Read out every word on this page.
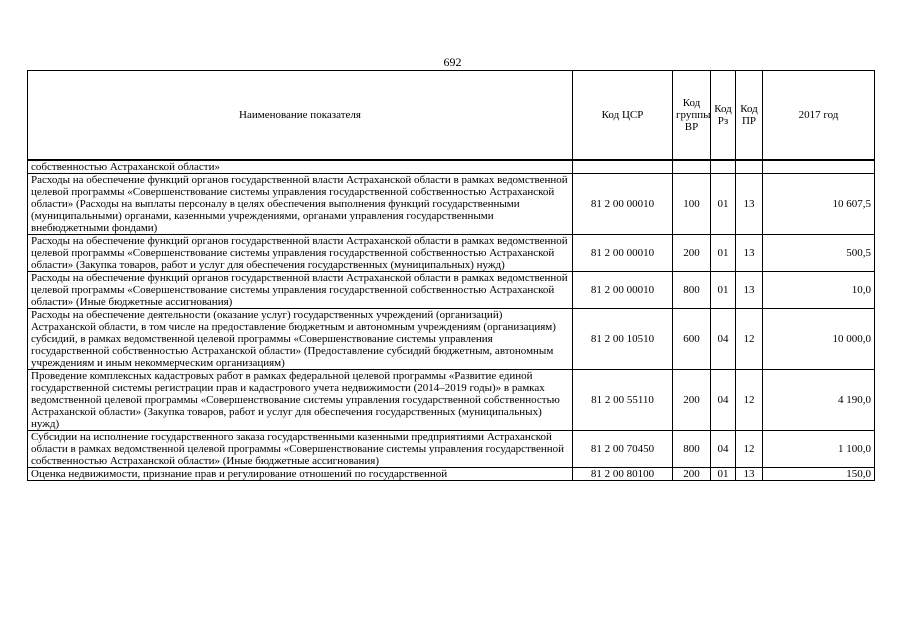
692
Наименование показателя	Код ЦСР	Код группы ВР	Код Рз	Код ПР	2017 год
собственностью Астраханской области»					
Расходы на обеспечение функций органов государственной власти Астраханской области в рамках ведомственной целевой программы «Совершенствование системы управления государственной собственностью Астраханской области» (Расходы на выплаты персоналу в целях обеспечения выполнения функций государственными (муниципальными) органами, казенными учреждениями, органами управления государственными внебюджетными фондами)	81 2 00 00010	100	01	13	10 607,5
Расходы на обеспечение функций органов государственной власти Астраханской области в рамках ведомственной целевой программы «Совершенствование системы управления государственной собственностью Астраханской области» (Закупка товаров, работ и услуг для обеспечения государственных (муниципальных) нужд)	81 2 00 00010	200	01	13	500,5
Расходы на обеспечение функций органов государственной власти Астраханской области в рамках ведомственной целевой программы «Совершенствование системы управления государственной собственностью Астраханской области» (Иные бюджетные ассигнования)	81 2 00 00010	800	01	13	10,0
Расходы на обеспечение деятельности (оказание услуг) государственных учреждений (организаций) Астраханской области, в том числе на предоставление бюджетным и автономным учреждениям (организациям) субсидий, в рамках ведомственной целевой программы «Совершенствование системы управления государственной собственностью Астраханской области» (Предоставление субсидий бюджетным, автономным учреждениям и иным некоммерческим организациям)	81 2 00 10510	600	04	12	10 000,0
Проведение комплексных кадастровых работ в рамках федеральной целевой программы «Развитие единой государственной системы регистрации прав и кадастрового учета недвижимости (2014–2019 годы)» в рамках ведомственной целевой программы «Совершенствование системы управления государственной собственностью Астраханской области» (Закупка товаров, работ и услуг для обеспечения государственных (муниципальных) нужд)	81 2 00 55110	200	04	12	4 190,0
Субсидии на исполнение государственного заказа государственными казенными предприятиями Астраханской области в рамках ведомственной целевой программы «Совершенствование системы управления государственной собственностью Астраханской области» (Иные бюджетные ассигнования)	81 2 00 70450	800	04	12	1 100,0
Оценка недвижимости, признание прав и регулирование отношений по государственной	81 2 00 80100	200	01	13	150,0
